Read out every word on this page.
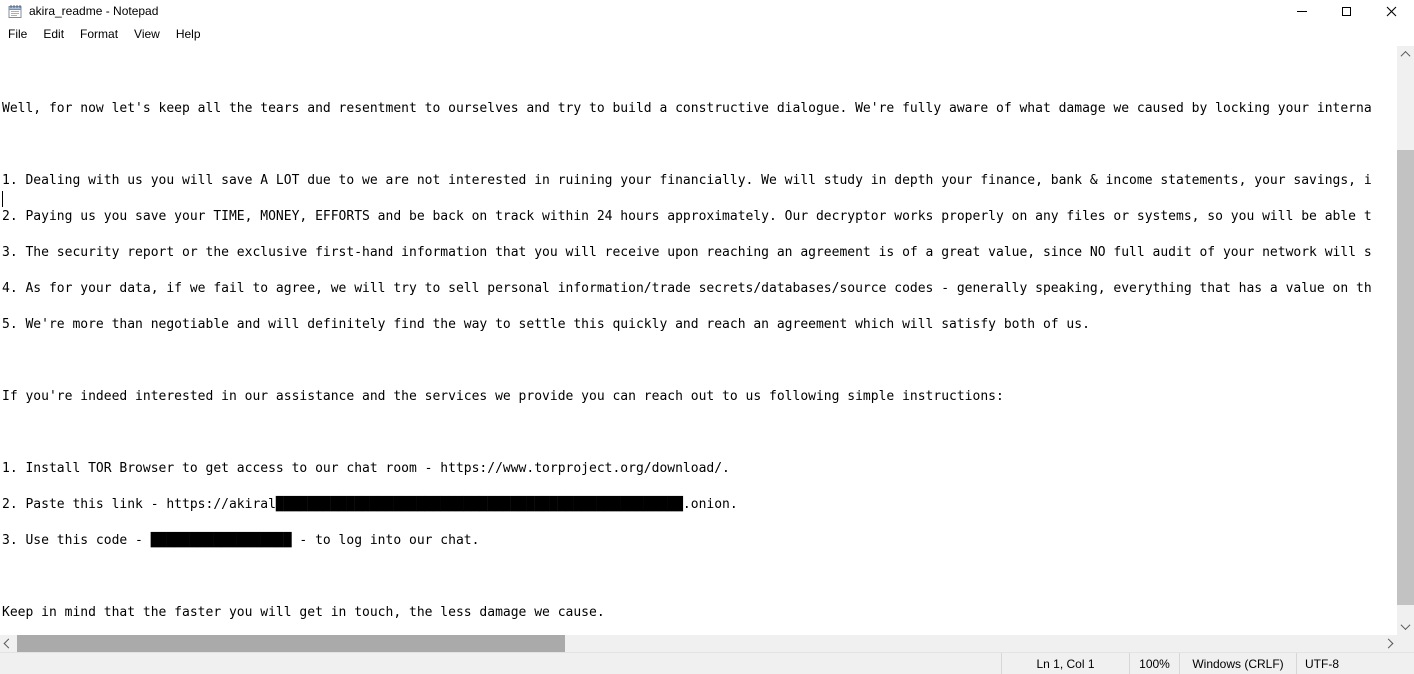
akira_readme - Notepad
File	Edit	Format	View	Help
Well, for now let's keep all the tears and resentment to ourselves and try to build a constructive dialogue. We're fully aware of what damage we caused by locking your interna
1. Dealing with us you will save A LOT due to we are not interested in ruining your financially. We will study in depth your finance, bank & income statements, your savings, i
2. Paying us you save your TIME, MONEY, EFFORTS and be back on track within 24 hours approximately. Our decryptor works properly on any files or systems, so you will be able t
3. The security report or the exclusive first-hand information that you will receive upon reaching an agreement is of a great value, since NO full audit of your network will s
4. As for your data, if we fail to agree, we will try to sell personal information/trade secrets/databases/source codes - generally speaking, everything that has a value on th
5. We're more than negotiable and will definitely find the way to settle this quickly and reach an agreement which will satisfy both of us.
If you're indeed interested in our assistance and the services we provide you can reach out to us following simple instructions:
1. Install TOR Browser to get access to our chat room - https://www.torproject.org/download/.
2. Paste this link - https://akiral████████████████████████████████████████████████████.onion.
3. Use this code - ██████████████████ - to log into our chat.
Keep in mind that the faster you will get in touch, the less damage we cause.
Ln 1, Col 1	100%	Windows (CRLF)	UTF-8
